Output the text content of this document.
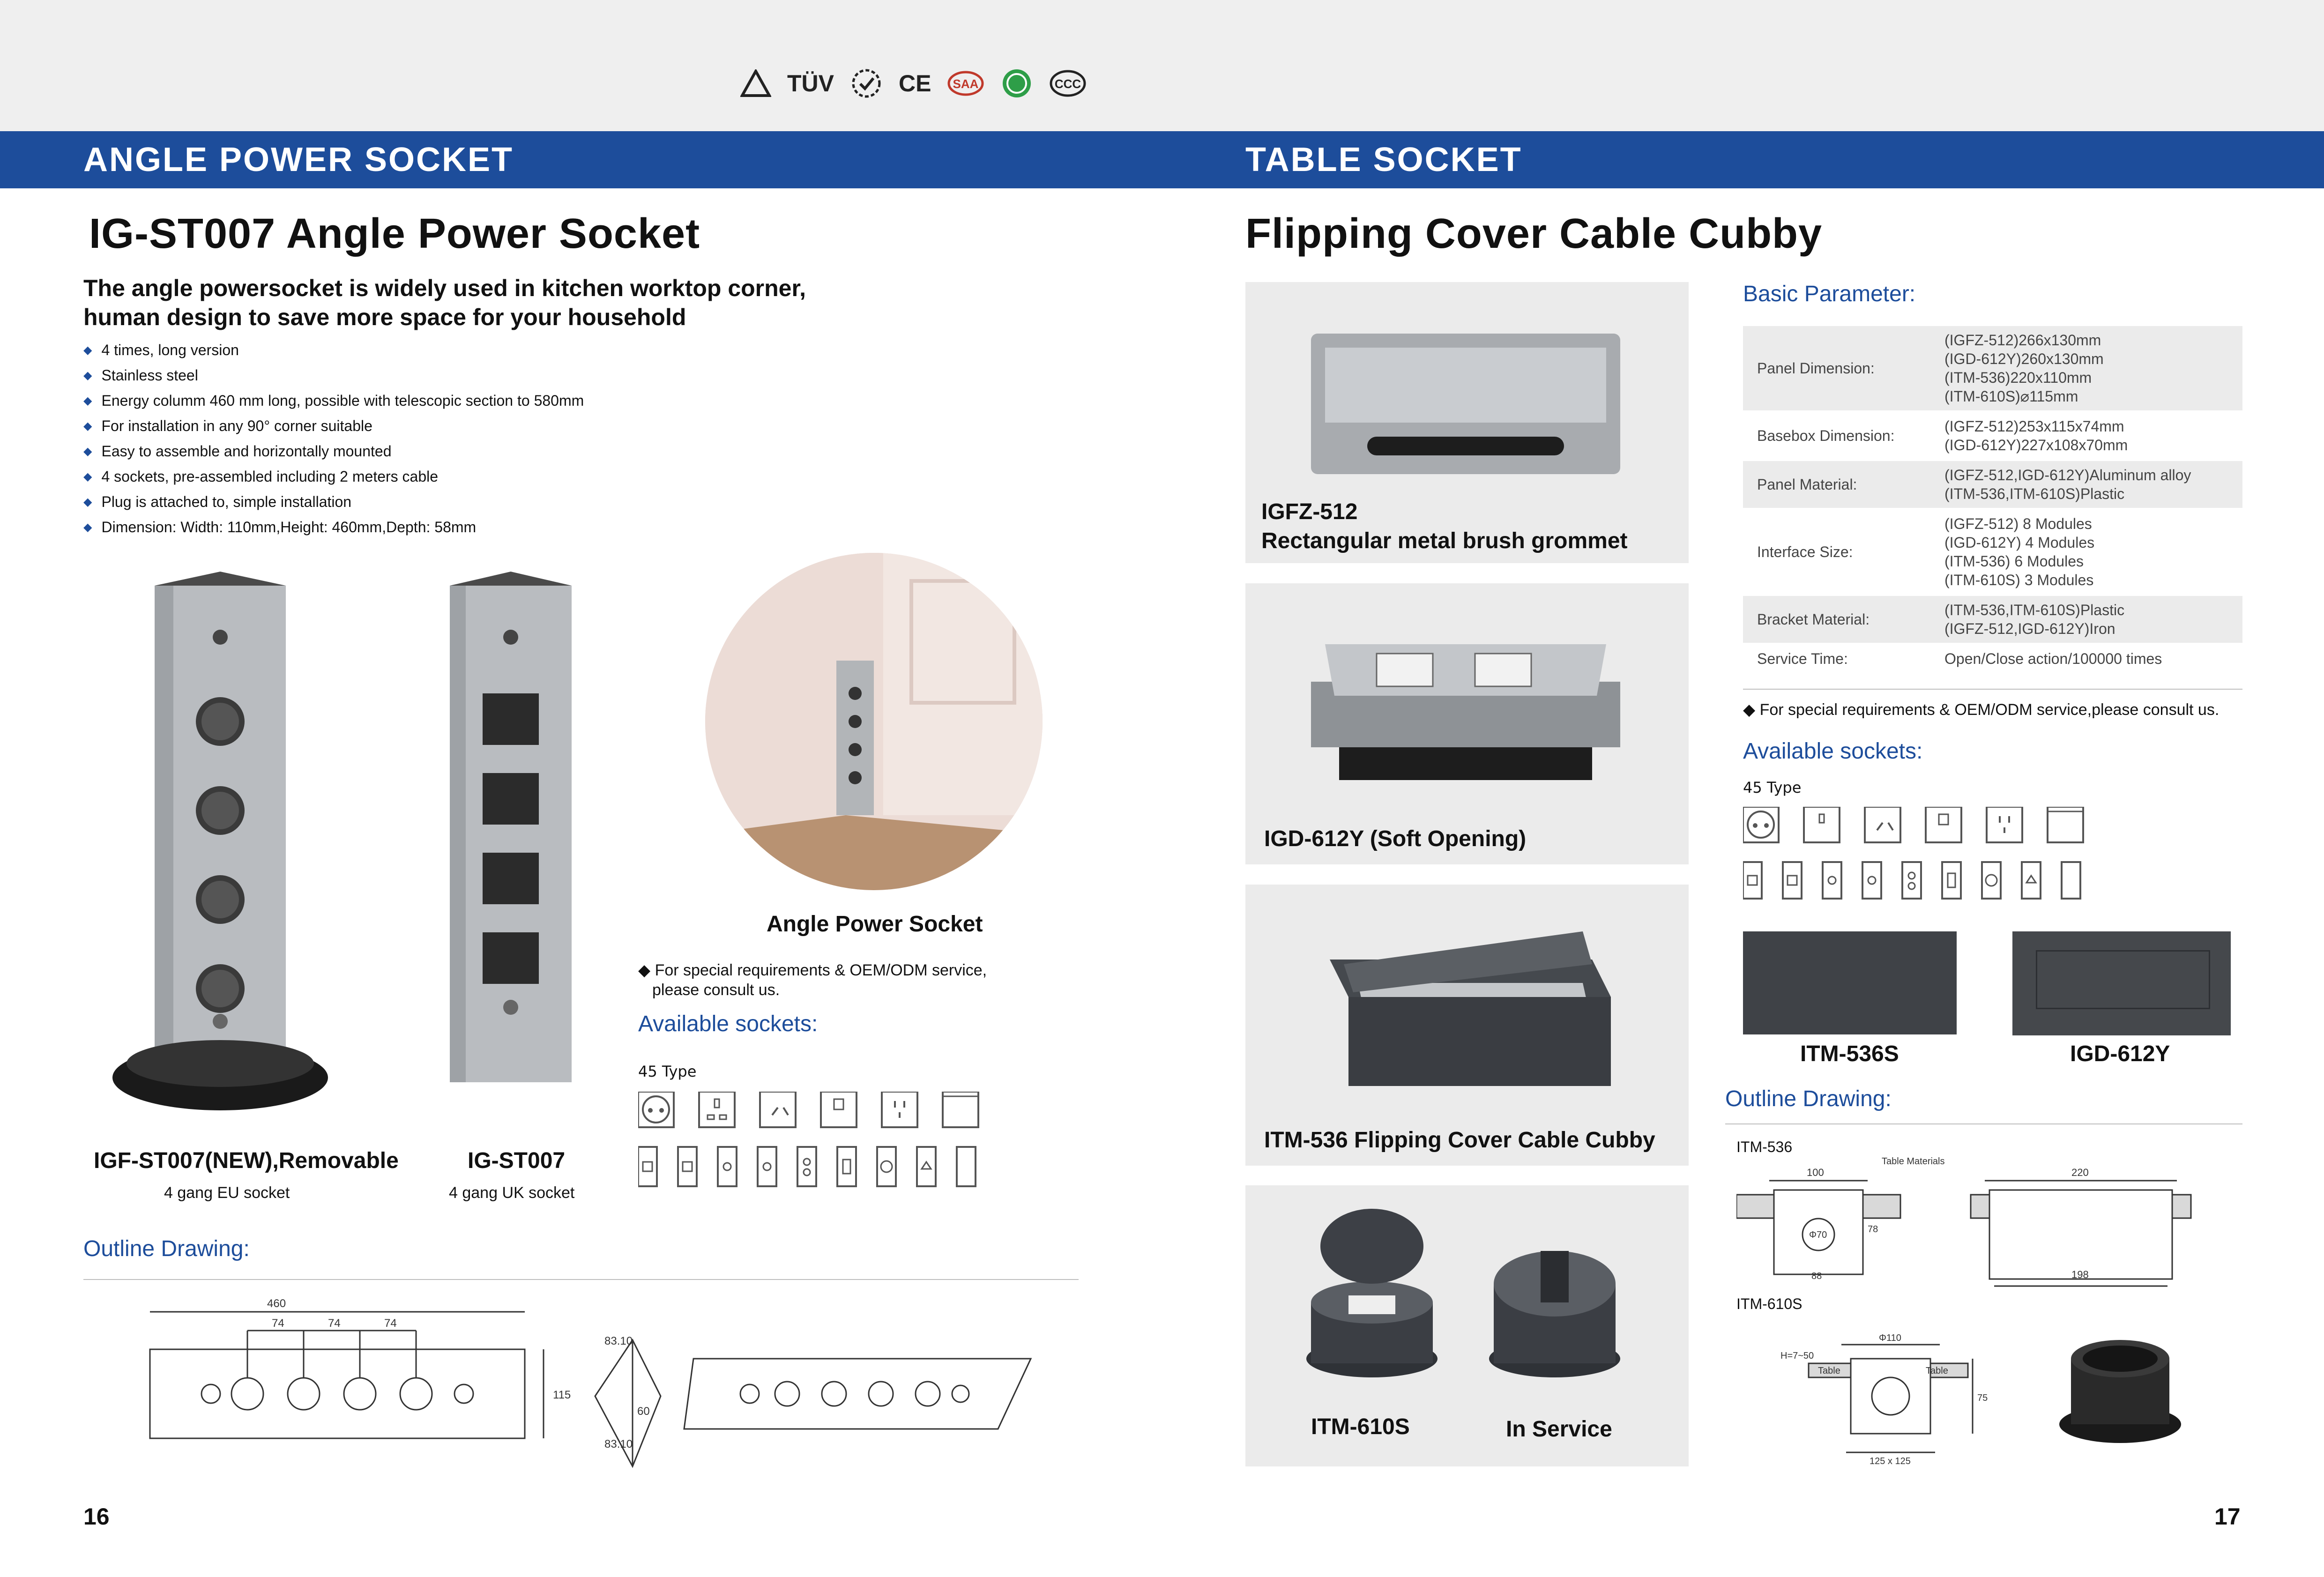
TÜV	CE SAA	CCC
ANGLE POWER SOCKET	TABLE SOCKET
IG-ST007 Angle Power Socket
The angle powersocket is widely used in kitchen worktop corner,
human design to save more space for your household
◆ 4 times, long version
◆ Stainless steel
◆ Energy columm 460 mm long, possible with telescopic section to 580mm
◆ For installation in any 90° corner suitable
◆ Easy to assemble and horizontally mounted
◆ 4 sockets, pre-assembled including 2 meters cable
◆ Plug is attached to, simple installation
◆ Dimension: Width: 110mm,Height: 460mm,Depth: 58mm
IGF-ST007(NEW),Removable
4 gang EU socket
IG-ST007
4 gang UK socket
Angle Power Socket
◆ For special requirements & OEM/ODM service,
please consult us.
Available sockets:
45 Type
Outline Drawing:
460
74	74	74
115
83.10
83.10
60
16
Flipping Cover Cable Cubby
IGFZ-512
Rectangular metal brush grommet
IGD-612Y (Soft Opening)
ITM-536 Flipping Cover Cable Cubby
ITM-610S	In Service
Basic Parameter:
Panel Dimension:	(IGFZ-512)266x130mm
(IGD-612Y)260x130mm
(ITM-536)220x110mm
(ITM-610S)⌀115mm

Basebox Dimension:	(IGFZ-512)253x115x74mm
(IGD-612Y)227x108x70mm

Panel Material:	(IGFZ-512,IGD-612Y)Aluminum alloy
(ITM-536,ITM-610S)Plastic

Interface Size:	(IGFZ-512) 8 Modules
(IGD-612Y) 4 Modules
(ITM-536) 6 Modules
(ITM-610S) 3 Modules

Bracket Material:	(ITM-536,ITM-610S)Plastic
(IGFZ-512,IGD-612Y)Iron

Service Time:	Open/Close action/100000 times
◆ For special requirements & OEM/ODM service,please consult us.
Available sockets:
45 Type
ITM-536S	IGD-612Y
Outline Drawing:
ITM-536
100
Table Materials
78
Φ70
88
220
198
ITM-610S
Φ110
H=7~50
Table	Table
75
125 x 125
17
